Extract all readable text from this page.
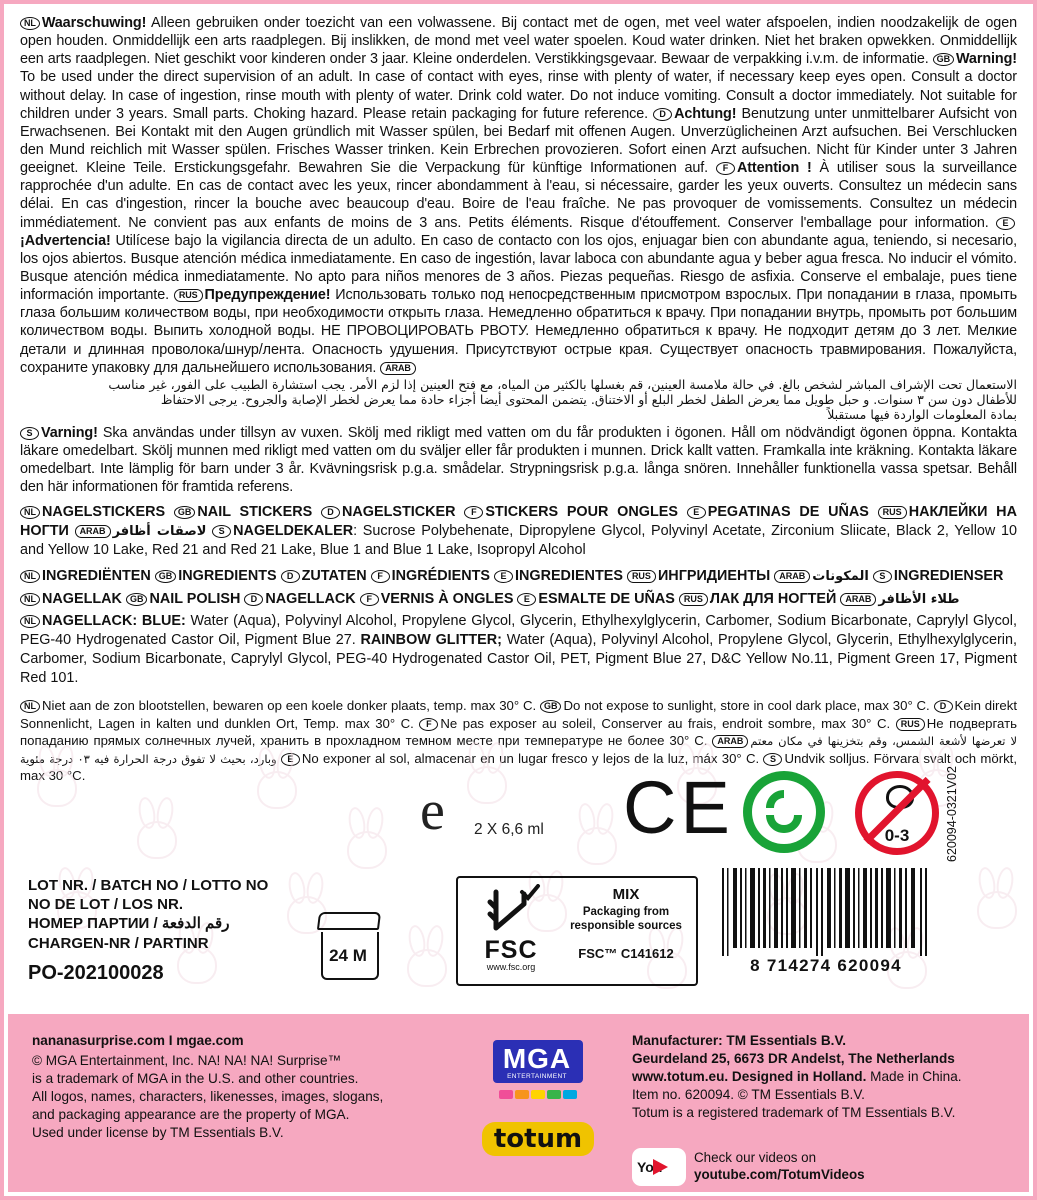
NL Waarschuwing! Alleen gebruiken onder toezicht van een volwassene. Bij contact met de ogen, met veel water afspoelen, indien noodzakelijk de ogen open houden. Onmiddellijk een arts raadplegen. Bij inslikken, de mond met veel water spoelen. Koud water drinken. Niet het braken opwekken. Onmiddellijk een arts raadplegen. Niet geschikt voor kinderen onder 3 jaar. Kleine onderdelen. Verstikkingsgevaar. Bewaar de verpakking i.v.m. de informatie. GB Warning! To be used under the direct supervision of an adult. In case of contact with eyes, rinse with plenty of water, if necessary keep eyes open. Consult a doctor without delay. In case of ingestion, rinse mouth with plenty of water. Drink cold water. Do not induce vomiting. Consult a doctor immediately. Not suitable for children under 3 years. Small parts. Choking hazard. Please retain packaging for future reference. D Achtung! Benutzung unter unmittelbarer Aufsicht von Erwachsenen. Bei Kontakt mit den Augen gründlich mit Wasser spülen, bei Bedarf mit offenen Augen. Unverzüglicheinen Arzt aufsuchen. Bei Verschlucken den Mund reichlich mit Wasser spülen. Frisches Wasser trinken. Kein Erbrechen provozieren. Sofort einen Arzt aufsuchen. Nicht für Kinder unter 3 Jahren geeignet. Kleine Teile. Erstickungsgefahr. Bewahren Sie die Verpackung für künftige Informationen auf. F Attention ! À utiliser sous la surveillance rapprochée d'un adulte. En cas de contact avec les yeux, rincer abondamment à l'eau, si nécessaire, garder les yeux ouverts. Consultez un médecin sans délai. En cas d'ingestion, rincer la bouche avec beaucoup d'eau. Boire de l'eau fraîche. Ne pas provoquer de vomissements. Consultez un médecin immédiatement. Ne convient pas aux enfants de moins de 3 ans. Petits éléments. Risque d'étouffement. Conserver l'emballage pour information. E¡Advertencia! Utilícese bajo la vigilancia directa de un adulto. En caso de contacto con los ojos, enjuagar bien con abundante agua, teniendo, si necesario, los ojos abiertos. Busque atención médica inmediatamente. En caso de ingestión, lavar laboca con abundante agua y beber agua fresca. No inducir el vómito. Busque atención médica inmediatamente. No apto para niños menores de 3 años. Piezas pequeñas. Riesgo de asfixia. Conserve el embalaje, pues tiene información importante. RUS Предупреждение! Использовать только под непосредственным присмотром взрослых. При попадании в глаза, промыть глаза большим количеством воды, при необходимости открыть глаза. Немедленно обратиться к врачу. При попадании внутрь, промыть рот большим количеством воды. Выпить холодной воды. НЕ ПРОВОЦИРОВАТЬ РВОТУ. Немедленно обратиться к врачу. Не подходит детям до 3 лет. Мелкие детали и длинная проволока/шнур/лента. Опасность удушения. Присутствуют острые края. Существует опасность травмирования. Пожалуйста, сохраните упаковку для дальнейшего использования. ARAB
الاستعمال تحت الإشراف المباشر لشخص بالغ. في حالة ملامسة العينين، قم بغسلها بالكثير من المياه، مع فتح العينين إذا لزم الأمر. يجب استشارة الطبيب على الفور، غير مناسب
للأطفال دون سن ٣ سنوات. و حبل طويل مما يعرض الطفل لخطر البلع أو الاختناق. يتضمن المحتوى أيضا أجزاء حادة مما يعرض لخطر الإصابة والجروح. يرجى الاحتفاظ
بمادة المعلومات الواردة فيها مستقبلاً
S Varning! Ska användas under tillsyn av vuxen. Skölj med rikligt med vatten om du får produkten i ögonen. Håll om nödvändigt ögonen öppna. Kontakta läkare omedelbart. Skölj munnen med rikligt med vatten om du sväljer eller får produkten i munnen. Drick kallt vatten. Framkalla inte kräkning. Kontakta läkare omedelbart. Inte lämplig för barn under 3 år. Kvävningsrisk p.g.a. smådelar. Strypningsrisk p.g.a. långa snören. Innehåller funktionella vassa spetsar. Behåll den här informationen för framtida referens.
NL NAGELSTICKERS GB NAIL STICKERS D NAGELSTICKER F STICKERS POUR ONGLES E PEGATINAS DE UÑAS RUS НАКЛЕЙКИ НА НОГТИ ARAB لاصقات أظافر S NAGELDEKALER: Sucrose Polybehenate, Dipropylene Glycol, Polyvinyl Acetate, Zirconium Sliicate, Black 2, Yellow 10 and Yellow 10 Lake, Red 21 and Red 21 Lake, Blue 1 and Blue 1 Lake, Isopropyl Alcohol
NL INGREDIËNTEN GB INGREDIENTS D ZUTATEN F INGRÉDIENTS E INGREDIENTES RUS ИНГРИДИЕНТЫ ARAB المكونات S INGREDIENSER
NL NAGELLAK GB NAIL POLISH D NAGELLACK F VERNIS À ONGLES E ESMALTE DE UÑAS RUS ЛАК ДЛЯ НОГТЕЙ ARAB طلاء الأظافر
NL NAGELLACK: BLUE: Water (Aqua), Polyvinyl Alcohol, Propylene Glycol, Glycerin, Ethylhexylglycerin, Carbomer, Sodium Bicarbonate, Caprylyl Glycol, PEG-40 Hydrogenated Castor Oil, Pigment Blue 27. RAINBOW GLITTER; Water (Aqua), Polyvinyl Alcohol, Propylene Glycol, Glycerin, Ethylhexylglycerin, Carbomer, Sodium Bicarbonate, Caprylyl Glycol, PEG-40 Hydrogenated Castor Oil, PET, Pigment Blue 27, D&C Yellow No.11, Pigment Green 17, Pigment Red 101.
NL Niet aan de zon blootstellen, bewaren op een koele donker plaats, temp. max 30° C. GB Do not expose to sunlight, store in cool dark place, max 30° C. D Kein direkt Sonnenlicht, Lagen in kalten und dunklen Ort, Temp. max 30° C. F Ne pas exposer au soleil, Conserver au frais, endroit sombre, max 30° C. RUS Не подвергать попаданию прямых солнечных лучей, хранить в прохладном темном месте при температуре не более 30° C. ARAB لا تعرضها لأشعة الشمس، وقم بتخزينها في مكان معتم وبارد، بحيث لا تفوق درجة الحرارة فيه ٣٠ درجة مئوية E No exponer al sol, almacenar en un lugar fresco y lejos de la luz, máx 30° C. S Undvik solljus. Förvara svalt och mörkt, max 30 °C.
e 2 X 6,6 ml CE	0-3
LOT NR. / BATCH NO / LOTTO NO
NO DE LOT / LOS NR.
НОМЕР ПАРТИИ / رقم الدفعة
CHARGEN-NR / PARTINR
PO-202100028
24 M	FSC
www.fsc.org
MIX
Packaging from
responsible sources
FSC™ C141612
8 714274 620094
620094-0321V02
nananasurprise.com I mgae.com
© MGA Entertainment, Inc. NA! NA! NA! Surprise™
is a trademark of MGA in the U.S. and other countries.
All logos, names, characters, likenesses, images, slogans,
and packaging appearance are the property of MGA.
Used under license by TM Essentials B.V.
MGA
ENTERTAINMENT
totum
Manufacturer: TM Essentials B.V.
Geurdeland 25, 6673 DR Andelst, The Netherlands
www.totum.eu. Designed in Holland. Made in China.
Item no. 620094. © TM Essentials B.V.
Totum is a registered trademark of TM Essentials B.V.
You
Check our videos on
youtube.com/TotumVideos
